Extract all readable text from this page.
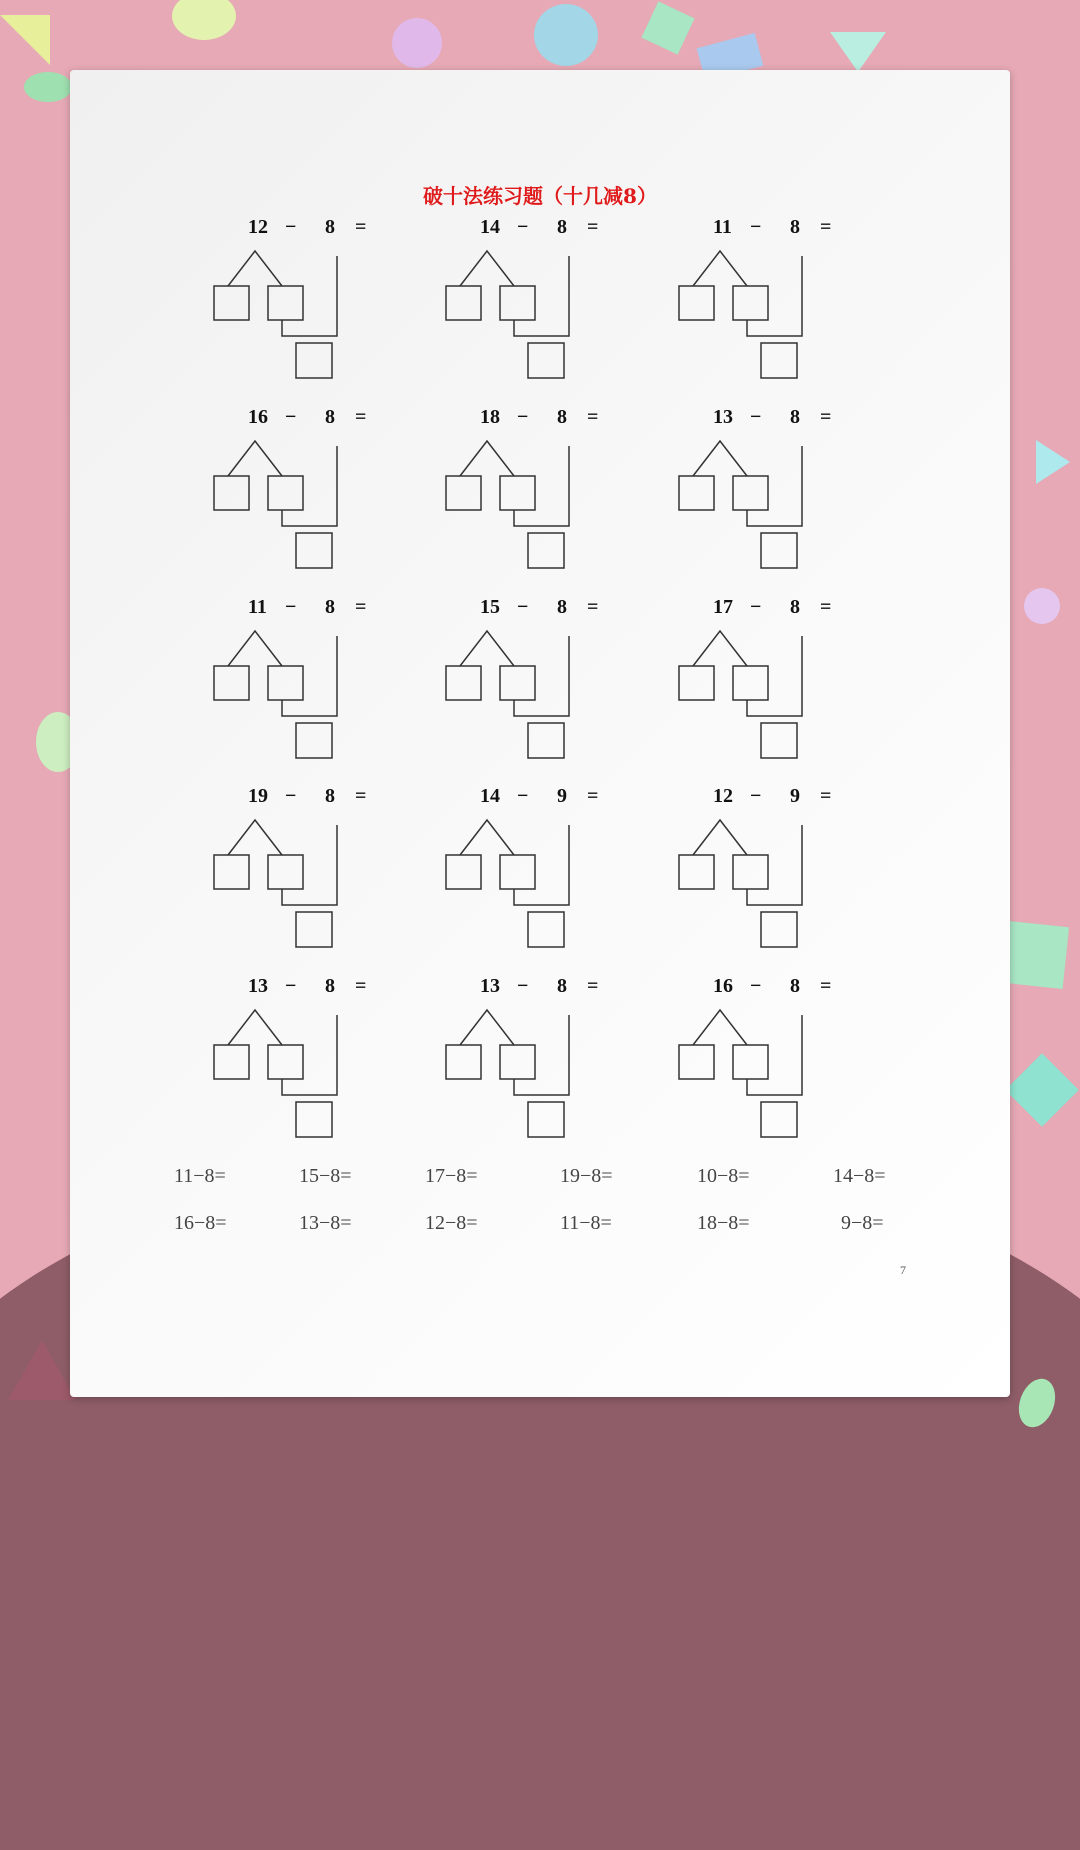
破十法练习题（十几减8）
12 − 8 =	14 − 8 =	11 − 8 =
16 − 8 =	18 − 8 =	13 − 8 =
11 − 8 =	15 − 8 =	17 − 8 =
19 − 8 =	14 − 9 =	12 − 9 =
13 − 8 =	13 − 8 =	16 − 8 =
11−8=	15−8=	17−8=	19−8=	10−8=	14−8=
16−8=	13−8=	12−8=	11−8=	18−8=	9−8=
7
